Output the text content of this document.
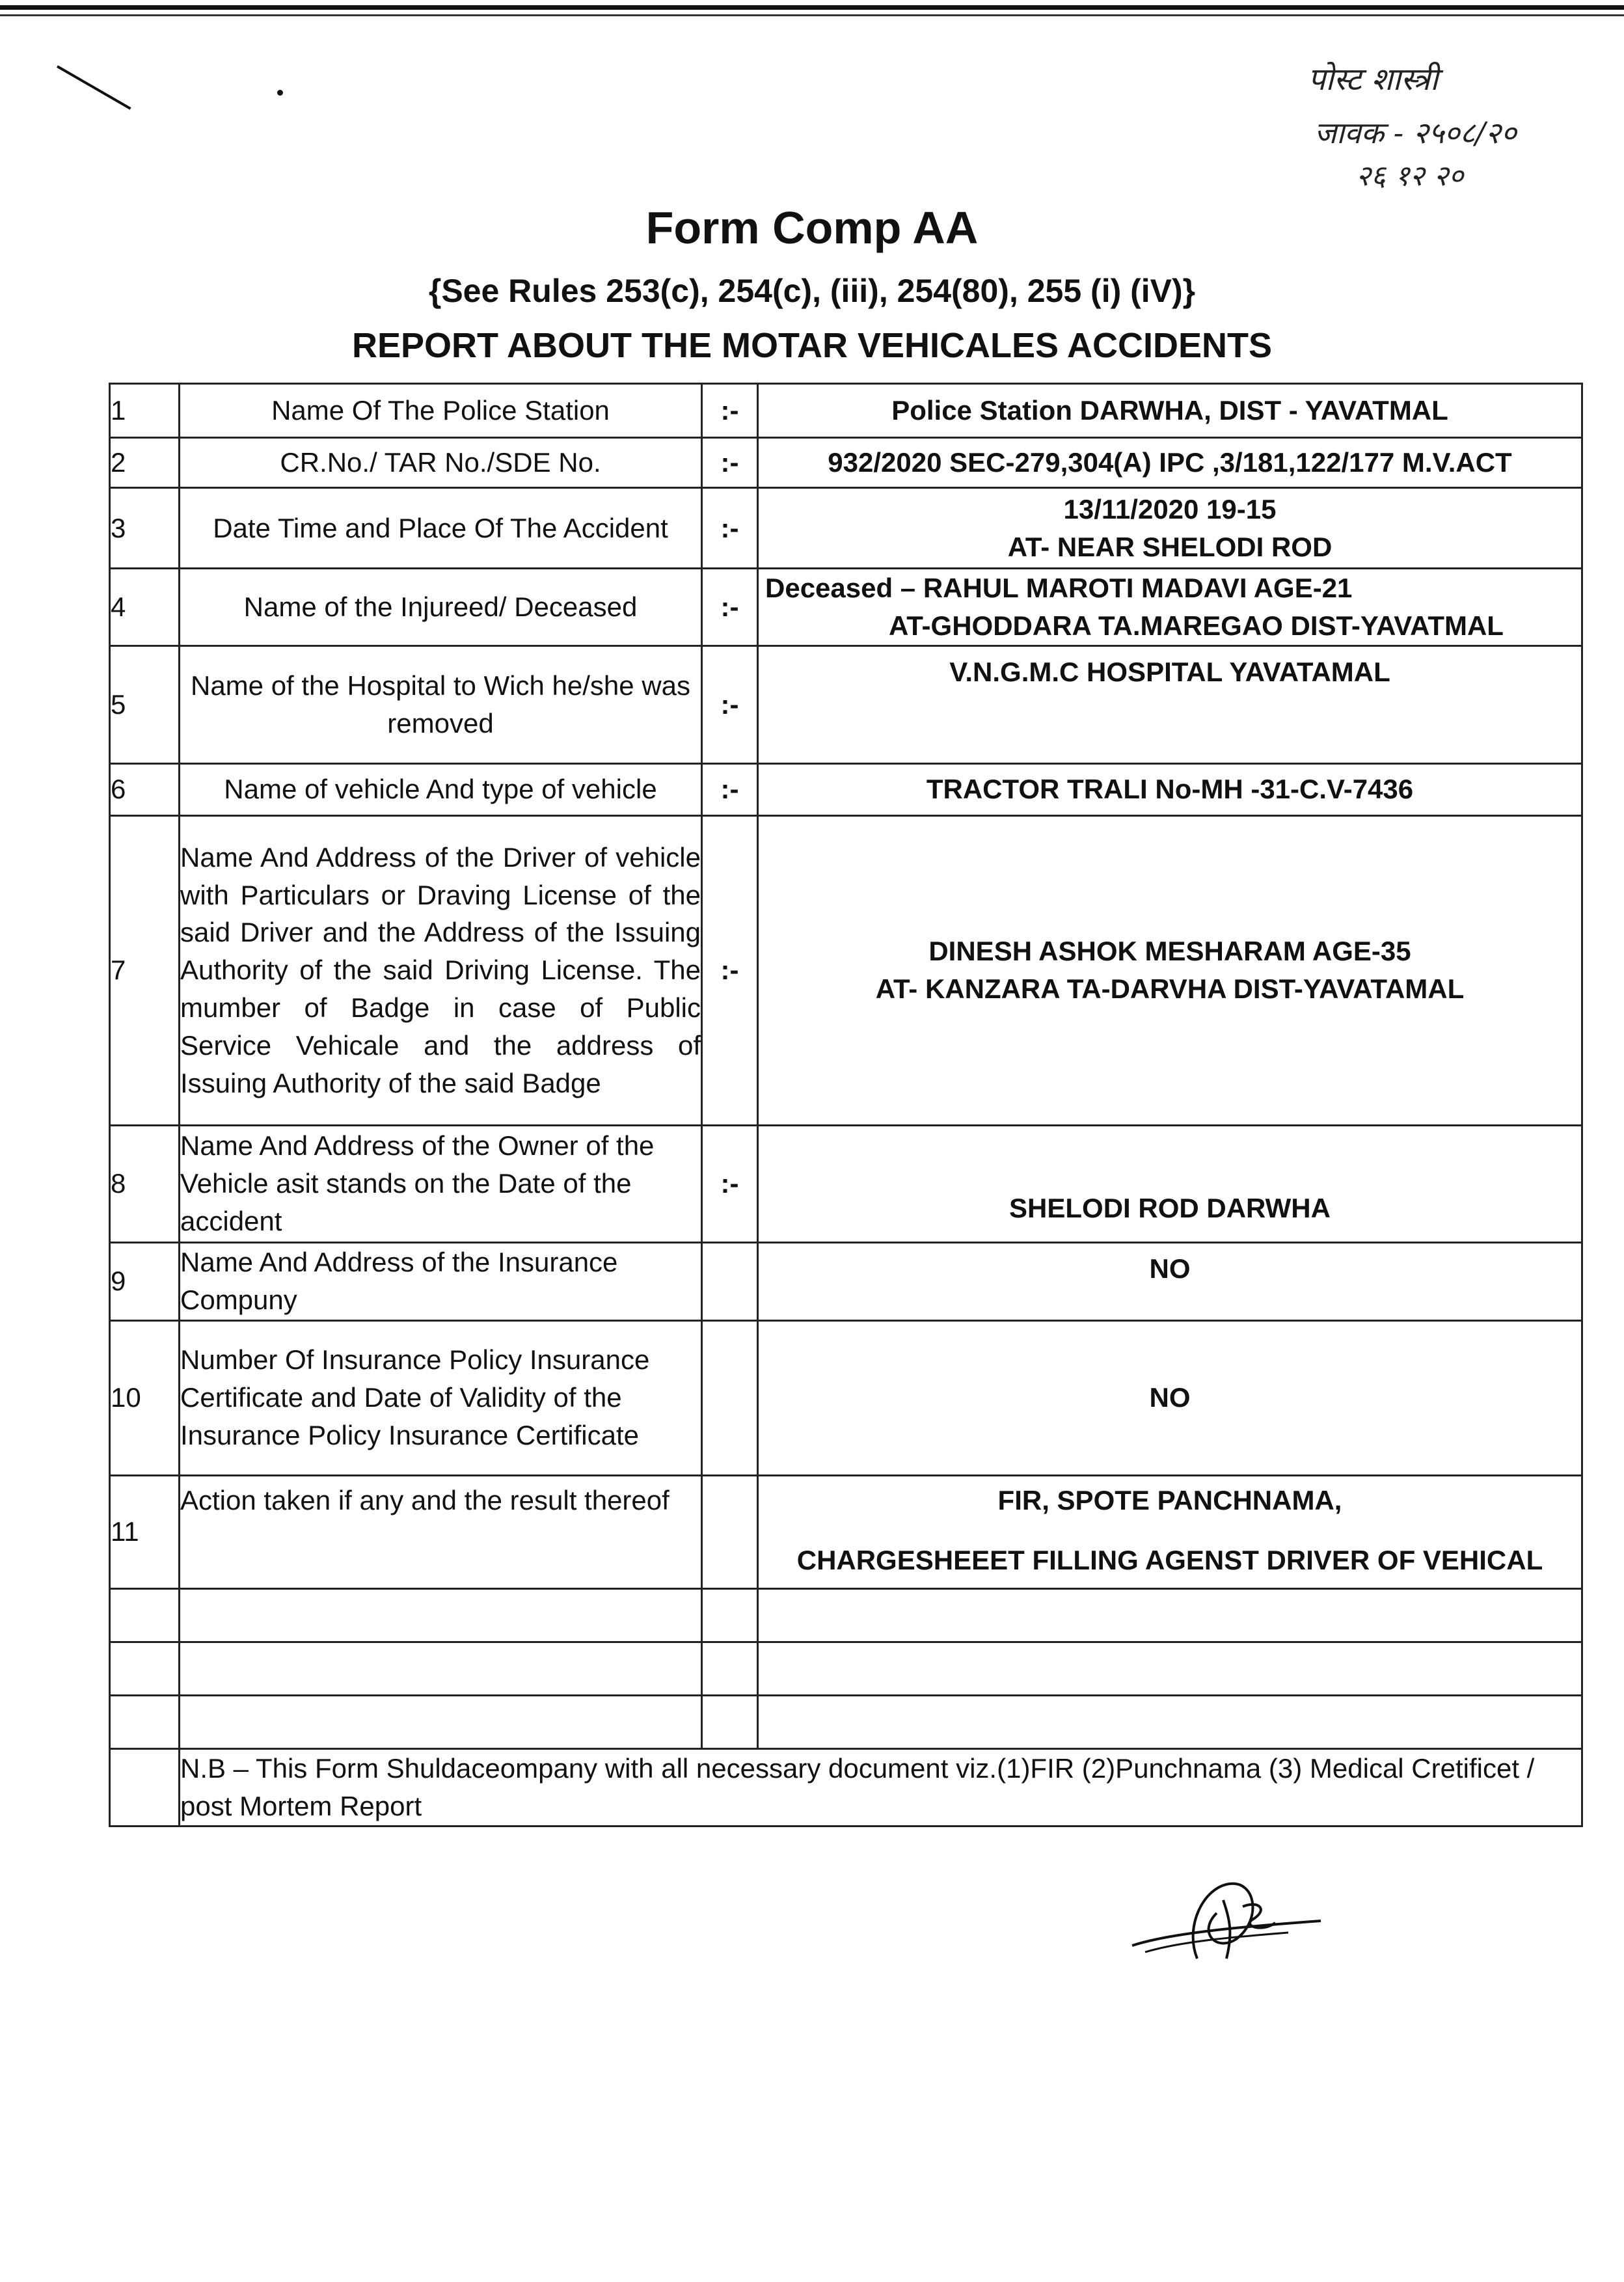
पोस्ट शास्त्री
जावक - २५०८/२०
२६ १२ २०
Form Comp AA
{See Rules 253(c), 254(c), (iii), 254(80), 255 (i) (iV)}
REPORT ABOUT THE MOTAR VEHICALES ACCIDENTS
1	Name Of The Police Station	:-	Police Station DARWHA, DIST - YAVATMAL
2	CR.No./ TAR No./SDE No.	:-	932/2020 SEC-279,304(A) IPC ,3/181,122/177 M.V.ACT
3	Date Time and Place Of The Accident	:-	13/11/2020 19-15
AT- NEAR SHELODI ROD

4	Name of the Injureed/ Deceased	:-	Deceased – RAHUL MAROTI MADAVI AGE-21
AT-GHODDARA TA.MAREGAO DIST-YAVATMAL

5	Name of the Hospital to Wich he/she was removed	:-	V.N.G.M.C HOSPITAL YAVATAMAL
6	Name of vehicle And type of vehicle	:-	TRACTOR TRALI No-MH -31-C.V-7436
7	Name And Address of the Driver of vehicle with Particulars or Draving License of the said Driver and the Address of the Issuing Authority of the said Driving License. The mumber of Badge in case of Public Service Vehicale and the address of Issuing Authority of the said Badge	:-	DINESH ASHOK MESHARAM AGE-35
AT- KANZARA TA-DARVHA DIST-YAVATAMAL

8	Name And Address of the Owner of the Vehicle asit stands on the Date of the accident	:-	SHELODI ROD DARWHA
9	Name And Address of the Insurance Compuny		NO
10	Number Of Insurance Policy Insurance Certificate and Date of Validity of the Insurance Policy Insurance Certificate		NO
11	Action taken if any and the result thereof		FIR, SPOTE PANCHNAMA,
CHARGESHEEET FILLING AGENST DRIVER OF VEHICAL

	N.B – This Form Shuldaceompany with all necessary document viz.(1)FIR (2)Punchnama (3) Medical Cretificet / post Mortem Report		
